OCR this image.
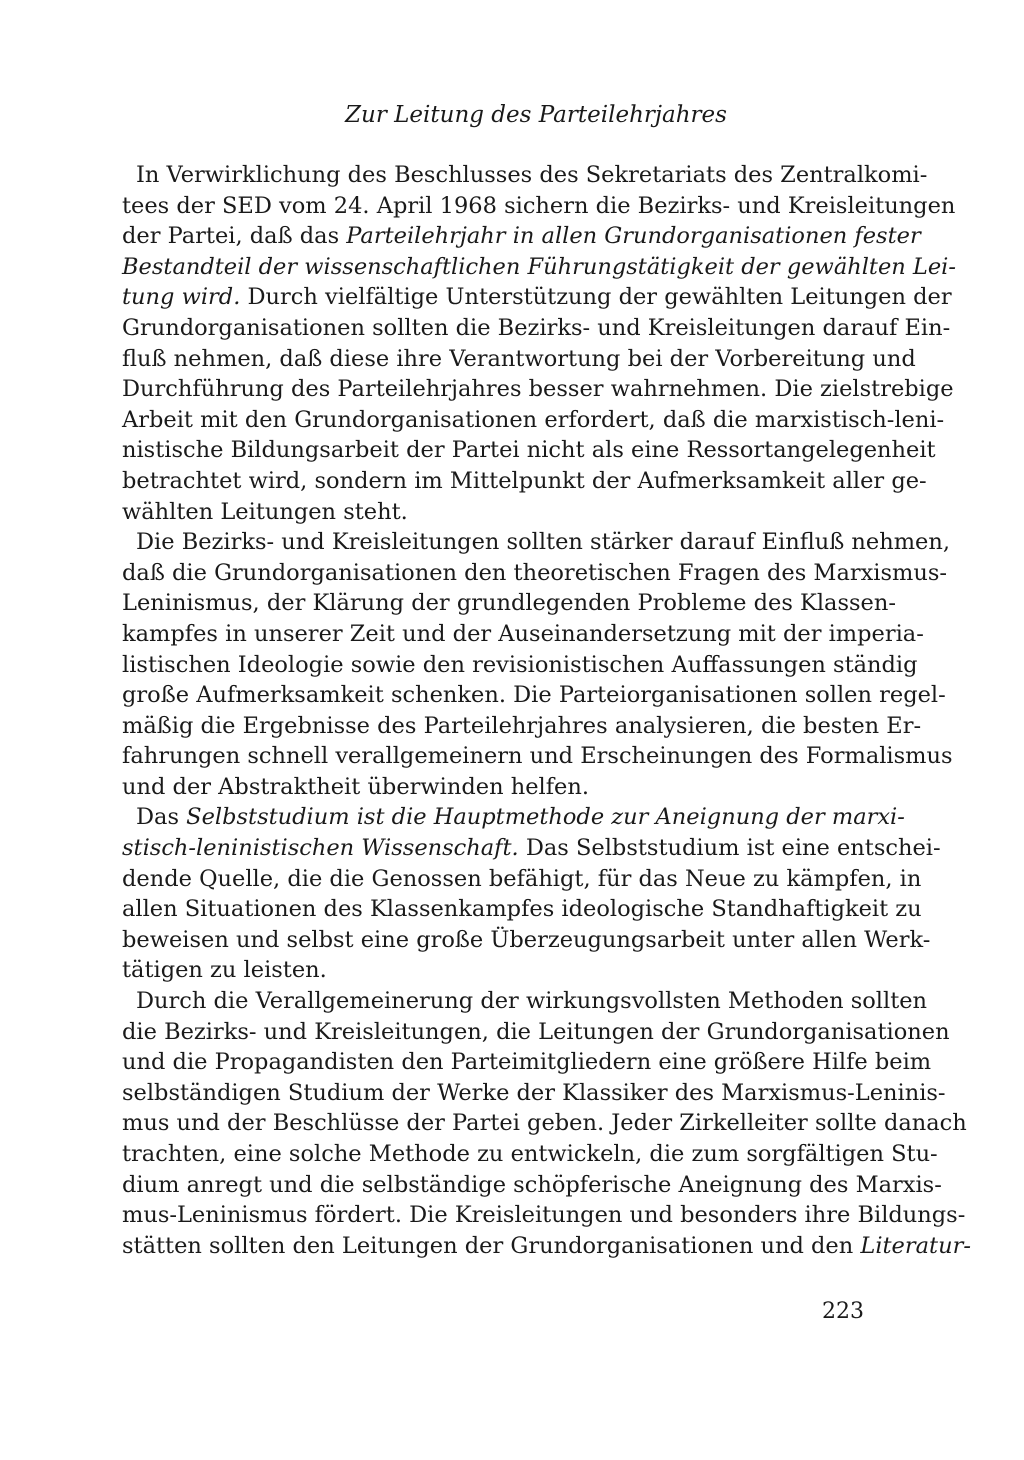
Zur Leitung des Parteilehrjahres
In Verwirklichung des Beschlusses des Sekretariats des Zentralkomi-
tees der SED vom 24. April 1968 sichern die Bezirks- und Kreisleitungen
der Partei, daß das Parteilehrjahr in allen Grundorganisationen fester
Bestandteil der wissenschaftlichen Führungstätigkeit der gewählten Lei-
tung wird. Durch vielfältige Unterstützung der gewählten Leitungen der
Grundorganisationen sollten die Bezirks- und Kreisleitungen darauf Ein-
fluß nehmen, daß diese ihre Verantwortung bei der Vorbereitung und
Durchführung des Parteilehrjahres besser wahrnehmen. Die zielstrebige
Arbeit mit den Grundorganisationen erfordert, daß die marxistisch-leni-
nistische Bildungsarbeit der Partei nicht als eine Ressortangelegenheit
betrachtet wird, sondern im Mittelpunkt der Aufmerksamkeit aller ge-
wählten Leitungen steht.
Die Bezirks- und Kreisleitungen sollten stärker darauf Einfluß nehmen,
daß die Grundorganisationen den theoretischen Fragen des Marxismus-
Leninismus, der Klärung der grundlegenden Probleme des Klassen-
kampfes in unserer Zeit und der Auseinandersetzung mit der imperia-
listischen Ideologie sowie den revisionistischen Auffassungen ständig
große Aufmerksamkeit schenken. Die Parteiorganisationen sollen regel-
mäßig die Ergebnisse des Parteilehrjahres analysieren, die besten Er-
fahrungen schnell verallgemeinern und Erscheinungen des Formalismus
und der Abstraktheit überwinden helfen.
Das Selbststudium ist die Hauptmethode zur Aneignung der marxi-
stisch-leninistischen Wissenschaft. Das Selbststudium ist eine entschei-
dende Quelle, die die Genossen befähigt, für das Neue zu kämpfen, in
allen Situationen des Klassenkampfes ideologische Standhaftigkeit zu
beweisen und selbst eine große Überzeugungsarbeit unter allen Werk-
tätigen zu leisten.
Durch die Verallgemeinerung der wirkungsvollsten Methoden sollten
die Bezirks- und Kreisleitungen, die Leitungen der Grundorganisationen
und die Propagandisten den Parteimitgliedern eine größere Hilfe beim
selbständigen Studium der Werke der Klassiker des Marxismus-Leninis-
mus und der Beschlüsse der Partei geben. Jeder Zirkelleiter sollte danach
trachten, eine solche Methode zu entwickeln, die zum sorgfältigen Stu-
dium anregt und die selbständige schöpferische Aneignung des Marxis-
mus-Leninismus fördert. Die Kreisleitungen und besonders ihre Bildungs-
stätten sollten den Leitungen der Grundorganisationen und den Literatur-
223
